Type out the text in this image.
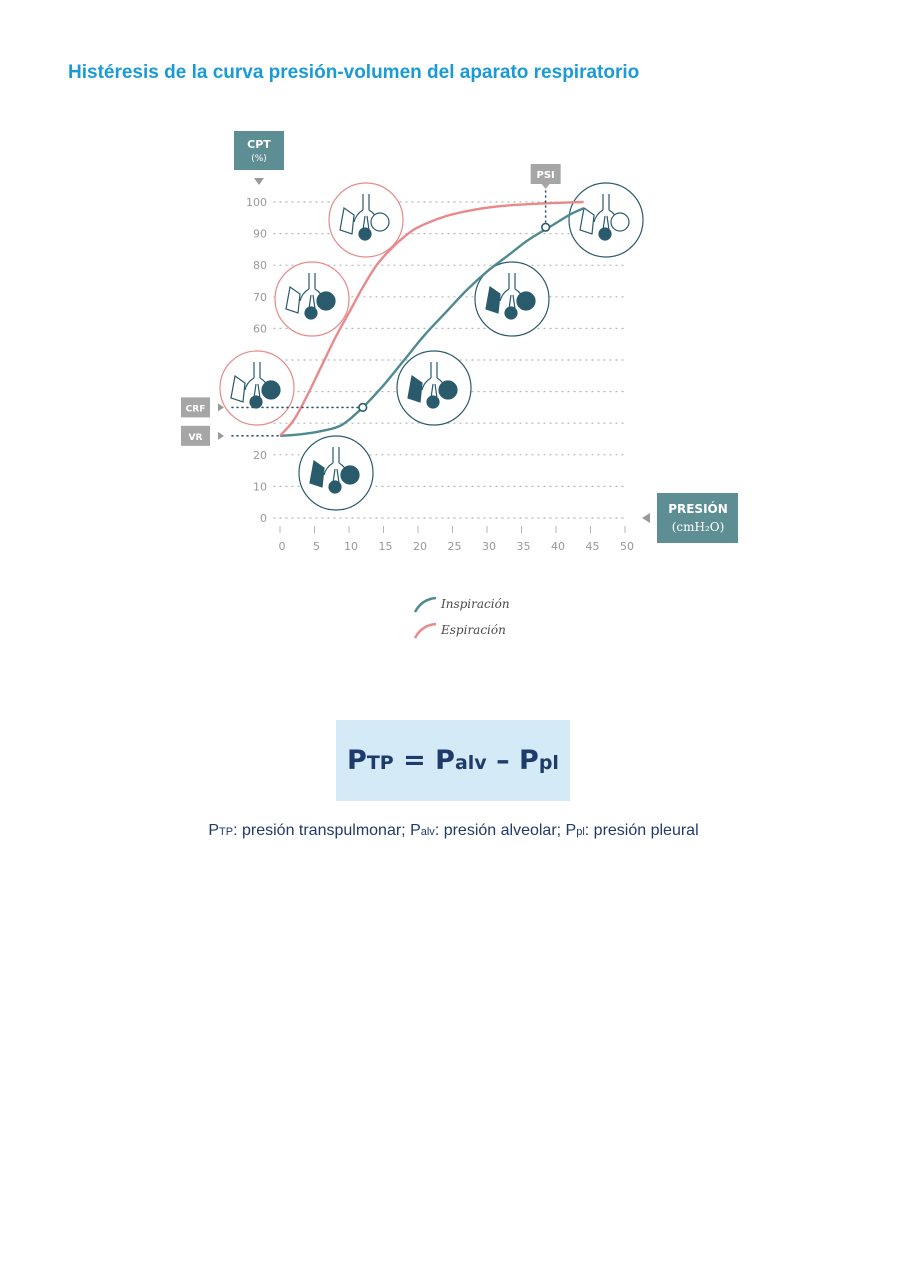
Histéresis de la curva presión-volumen del aparato respiratorio
0
10
20
60
70
80
90
100
0	5 10 15 20 25 30 35 40 45 50
CPT
(%)
PRESIÓN
(cmH₂O)
VR
CRF
PSI
Inspiración
Espiración
PTP = Palv – Ppl
PTP: presión transpulmonar; Palv: presión alveolar; Ppl: presión pleural
